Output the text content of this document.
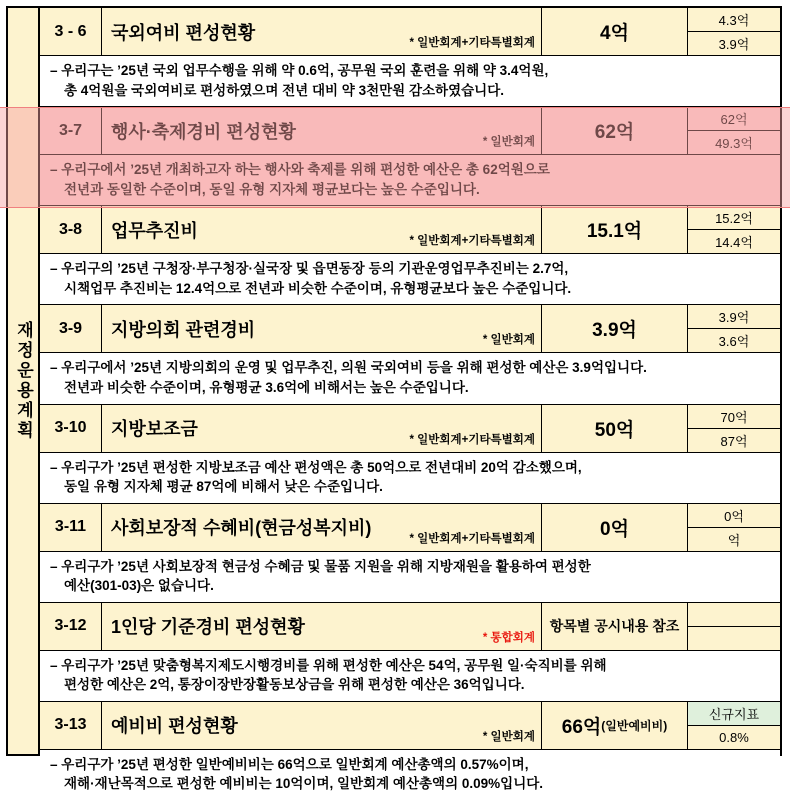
재정운용계획
3 - 6	국외여비 편성현황
* 일반회계+기타특별회계	4억
4.3억
3.9억
– 우리구는 ’25년 국외 업무수행을 위해 약 0.6억, 공무원 국외 훈련을 위해 약 3.4억원,
총 4억원을 국외여비로 편성하였으며 전년 대비 약 3천만원 감소하였습니다.
3-7	행사·축제경비 편성현황
* 일반회계	62억
62억
49.3억
– 우리구에서 ’25년 개최하고자 하는 행사와 축제를 위해 편성한 예산은 총 62억원으로
전년과 동일한 수준이며, 동일 유형 지자체 평균보다는 높은 수준입니다.
3-8	업무추진비
* 일반회계+기타특별회계	15.1억
15.2억
14.4억
– 우리구의 ’25년 구청장·부구청장·실국장 및 읍면동장 등의 기관운영업무추진비는 2.7억,
시책업무 추진비는 12.4억으로 전년과 비슷한 수준이며, 유형평균보다 높은 수준입니다.
3-9	지방의회 관련경비
* 일반회계	3.9억
3.9억
3.6억
– 우리구에서 ’25년 지방의회의 운영 및 업무추진, 의원 국외여비 등을 위해 편성한 예산은 3.9억입니다.
전년과 비슷한 수준이며, 유형평균 3.6억에 비해서는 높은 수준입니다.
3-10	지방보조금
* 일반회계+기타특별회계	50억
70억
87억
– 우리구가 ’25년 편성한 지방보조금 예산 편성액은 총 50억으로 전년대비 20억 감소했으며,
동일 유형 지자체 평균 87억에 비해서 낮은 수준입니다.
3-11	사회보장적 수혜비(현금성복지비)
* 일반회계+기타특별회계	0억
0억
억
– 우리구가 ’25년 사회보장적 현금성 수혜금 및 물품 지원을 위해 지방재원을 활용하여 편성한
예산(301-03)은 없습니다.
3-12	1인당 기준경비 편성현황
* 통합회계
항목별 공시내용 참조
– 우리구가 ’25년 맞춤형복지제도시행경비를 위해 편성한 예산은 54억, 공무원 일·숙직비를 위해
편성한 예산은 2억, 통장이장반장활동보상금을 위해 편성한 예산은 36억입니다.
3-13	예비비 편성현황
* 일반회계 66억 (일반예비비)
신규지표
0.8%
– 우리구가 ’25년 편성한 일반예비비는 66억으로 일반회계 예산총액의 0.57%이며,
재해·재난목적으로 편성한 예비비는 10억이며, 일반회계 예산총액의 0.09%입니다.
